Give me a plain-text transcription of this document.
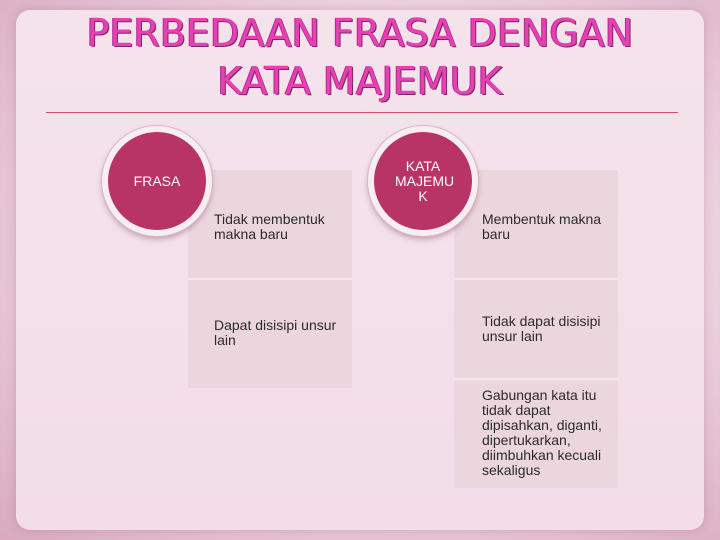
PERBEDAAN FRASA DENGAN
KATA MAJEMUK
Tidak membentuk makna baru
Dapat disisipi unsur lain
FRASA
Membentuk makna baru
Tidak dapat disisipi unsur lain
Gabungan kata itu tidak dapat dipisahkan, diganti, dipertukarkan, diimbuhkan kecuali sekaligus
KATA MAJEMU K
